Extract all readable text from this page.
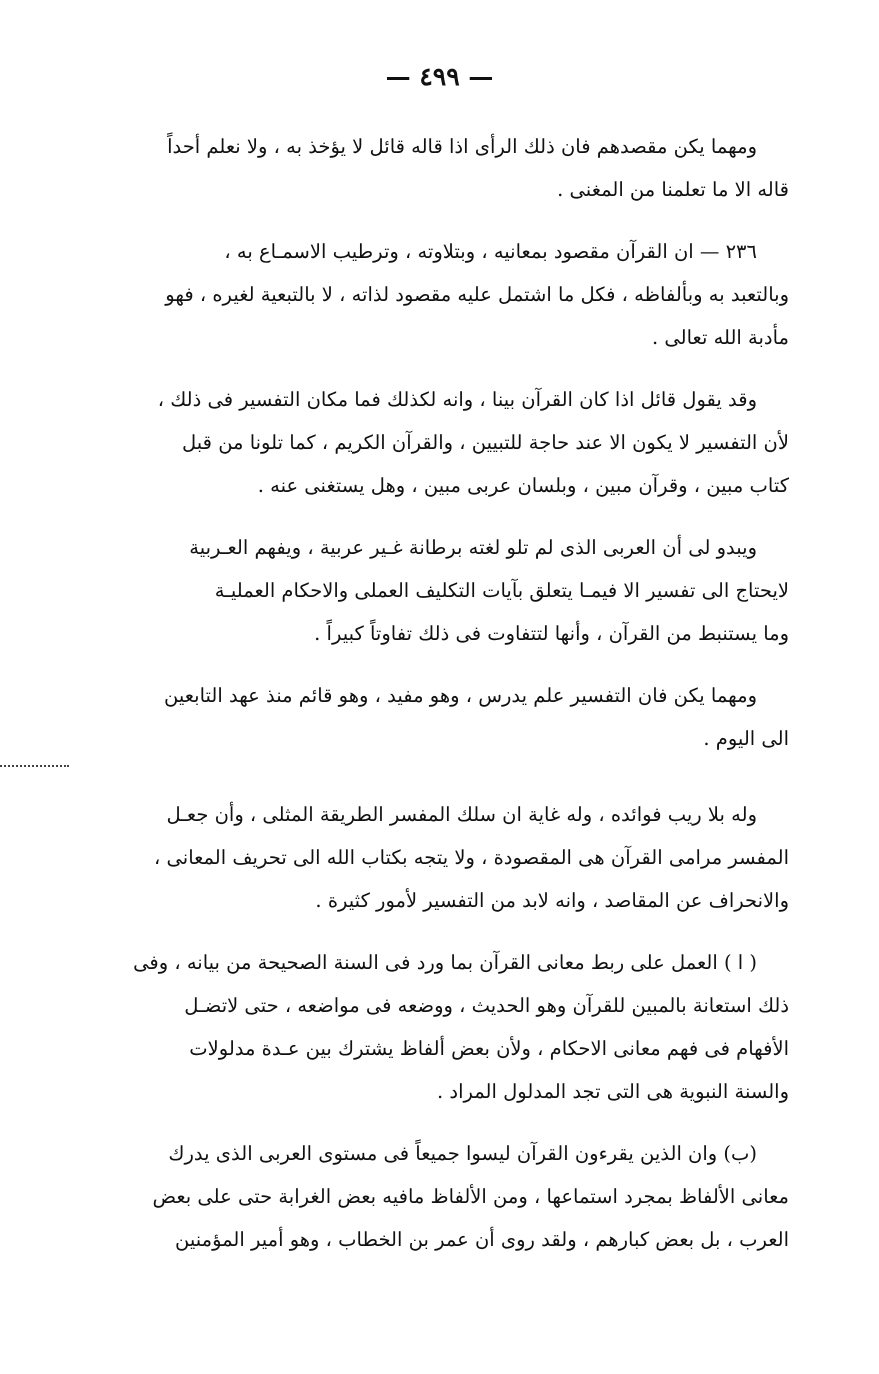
— ٤٩٩ —

ومهما يكن مقصدهم فان ذلك الرأى اذا قاله قائل لا يؤخذ به ، ولا نعلم أحداً
قاله الا ما تعلمنا من المغنى .

٢٣٦ — ان القرآن مقصود بمعانيه ، وبتلاوته ، وترطيب الاسمـاع به ،
وبالتعبد به وبألفاظه ، فكل ما اشتمل عليه مقصود لذاته ، لا بالتبعية لغيره ، فهو
مأدبة الله تعالى .

وقد يقول قائل اذا كان القرآن بينا ، وانه لكذلك فما مكان التفسير فى ذلك ،
لأن التفسير لا يكون الا عند حاجة للتبيين ، والقرآن الكريم ، كما تلونا من قبل
كتاب مبين ، وقرآن مبين ، وبلسان عربى مبين ، وهل يستغنى عنه .

ويبدو لى أن العربى الذى لم تلو لغته برطانة غـير عربية ، ويفهم العـربية
لايحتاج الى تفسير الا فيمـا يتعلق بآيات التكليف العملى والاحكام العمليـة
وما يستنبط من القرآن ، وأنها لتتفاوت فى ذلك تفاوتاً كبيراً .

ومهما يكن فان التفسير علم يدرس ، وهو مفيد ، وهو قائم منذ عهد التابعين
الى اليوم .

وله بلا ريب فوائده ، وله غاية ان سلك المفسر الطريقة المثلى ، وأن جعـل
المفسر مرامى القرآن هى المقصودة ، ولا يتجه بكتاب الله الى تحريف المعانى ،
والانحراف عن المقاصد ، وانه لابد من التفسير لأمور كثيرة .

( ا ) العمل على ربط معانى القرآن بما ورد فى السنة الصحيحة من بيانه ، وفى
ذلك استعانة بالمبين للقرآن وهو الحديث ، ووضعه فى مواضعه ، حتى لاتضـل
الأفهام فى فهم معانى الاحكام ، ولأن بعض ألفاظ يشترك بين عـدة مدلولات
والسنة النبوية هى التى تجد المدلول المراد .

(ب) وان الذين يقرءون القرآن ليسوا جميعاً فى مستوى العربى الذى يدرك
معانى الألفاظ بمجرد استماعها ، ومن الألفاظ مافيه بعض الغرابة حتى على بعض
العرب ، بل بعض كبارهم ، ولقد روى أن عمر بن الخطاب ، وهو أمير المؤمنين
